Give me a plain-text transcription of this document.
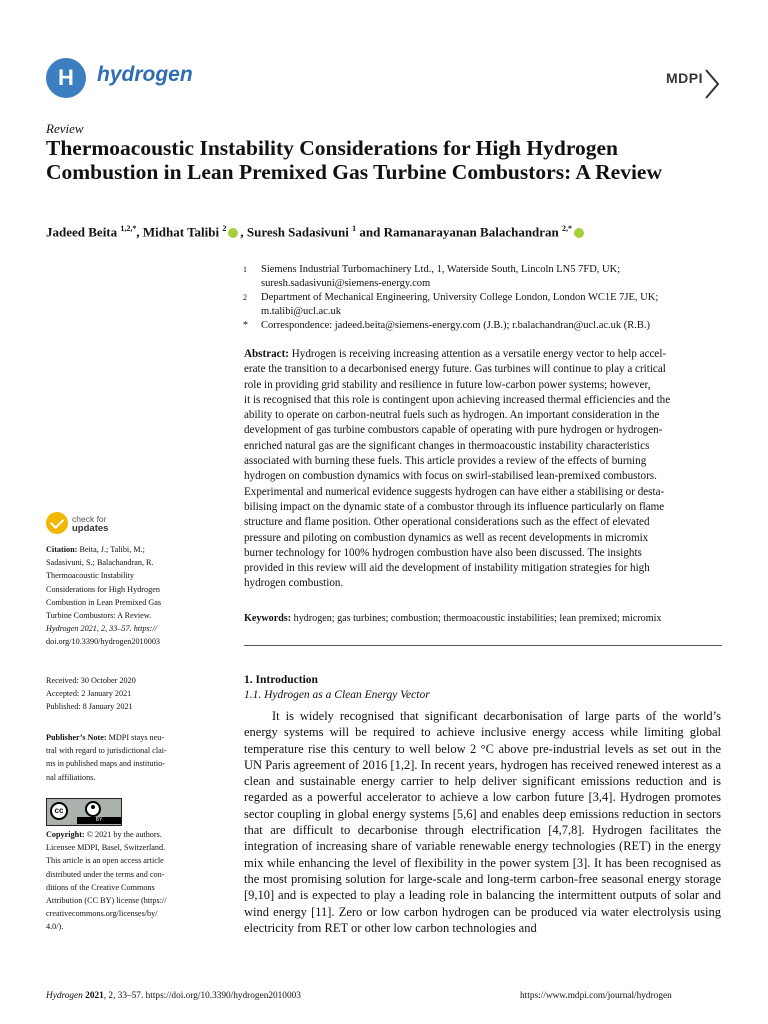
H	hydrogen	MDPI
Review
Thermoacoustic Instability Considerations for High Hydrogen Combustion in Lean Premixed Gas Turbine Combustors: A Review
Jadeed Beita $^{1,2,*}$, Midhat Talibi $^2$ , Suresh Sadasivuni $^1$ and Ramanarayanan Balachandran $^{2,*}$
1 Siemens Industrial Turbomachinery Ltd., 1, Waterside South, Lincoln LN5 7FD, UK;
suresh.sadasivuni@siemens-energy.com
2 Department of Mechanical Engineering, University College London, London WC1E 7JE, UK;
m.talibi@ucl.ac.uk
* Correspondence: jadeed.beita@siemens-energy.com (J.B.); r.balachandran@ucl.ac.uk (R.B.)
Abstract: Hydrogen is receiving increasing attention as a versatile energy vector to help accel-
erate the transition to a decarbonised energy future. Gas turbines will continue to play a critical
role in providing grid stability and resilience in future low-carbon power systems; however,
it is recognised that this role is contingent upon achieving increased thermal efficiencies and the
ability to operate on carbon-neutral fuels such as hydrogen. An important consideration in the
development of gas turbine combustors capable of operating with pure hydrogen or hydrogen-
enriched natural gas are the significant changes in thermoacoustic instability characteristics
associated with burning these fuels. This article provides a review of the effects of burning
hydrogen on combustion dynamics with focus on swirl-stabilised lean-premixed combustors.
Experimental and numerical evidence suggests hydrogen can have either a stabilising or desta-
bilising impact on the dynamic state of a combustor through its influence particularly on flame
structure and flame position. Other operational considerations such as the effect of elevated
pressure and piloting on combustion dynamics as well as recent developments in micromix
burner technology for 100% hydrogen combustion have also been discussed. The insights
provided in this review will aid the development of instability mitigation strategies for high
hydrogen combustion.
Keywords: hydrogen; gas turbines; combustion; thermoacoustic instabilities; lean premixed; micromix
check for
updates
Citation: Beita, J.; Talibi, M.;
Sadasivuni, S.; Balachandran, R.
Thermoacoustic Instability
Considerations for High Hydrogen
Combustion in Lean Premixed Gas
Turbine Combustors: A Review.
Hydrogen 2021, 2, 33–57. https://
doi.org/10.3390/hydrogen2010003
Received: 30 October 2020
Accepted: 2 January 2021
Published: 8 January 2021
Publisher’s Note: MDPI stays neu-
tral with regard to jurisdictional clai-
ms in published maps and institutio-
nal affiliations.
cc
BY
Copyright: © 2021 by the authors.
Licensee MDPI, Basel, Switzerland.
This article is an open access article
distributed under the terms and con-
ditions of the Creative Commons
Attribution (CC BY) license (https://
creativecommons.org/licenses/by/
4.0/).
1. Introduction
1.1. Hydrogen as a Clean Energy Vector
It is widely recognised that significant decarbonisation of large parts of the world’s energy systems will be required to achieve inclusive energy access while limiting global temperature rise this century to well below 2 °C above pre-industrial levels as set out in the UN Paris agreement of 2016 [1,2]. In recent years, hydrogen has received renewed interest as a clean and sustainable energy carrier to help deliver significant emissions reduction and is regarded as a powerful accelerator to achieve a low carbon future [3,4]. Hydrogen promotes sector coupling in global energy systems [5,6] and enables deep emissions reduction in sectors that are difficult to decarbonise through electrification [4,7,8]. Hydrogen facilitates the integration of increasing share of variable renewable energy technologies (RET) in the energy mix while enhancing the level of flexibility in the power system [3]. It has been recognised as the most promising solution for large-scale and long-term carbon-free seasonal energy storage [9,10] and is expected to play a leading role in balancing the intermittent outputs of solar and wind energy [11]. Zero or low carbon hydrogen can be produced via water electrolysis using electricity from RET or other low carbon technologies and
Hydrogen 2021, 2, 33–57. https://doi.org/10.3390/hydrogen2010003	https://www.mdpi.com/journal/hydrogen
